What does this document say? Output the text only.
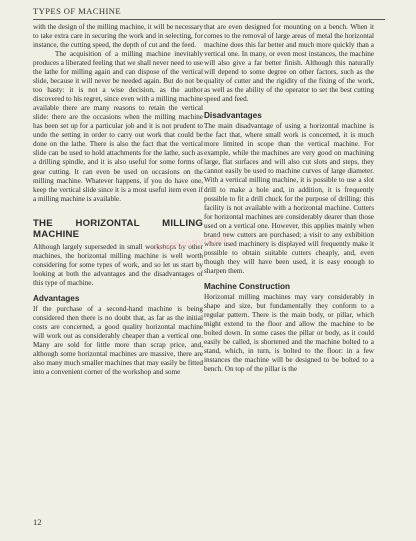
TYPES OF MACHINE

with the design of the milling machine, it will be necessary to take extra care in securing the work and in selecting, for instance, the cutting speed, the depth of cut and the feed.

The acquisition of a milling machine inevitably produces a liberated feeling that we shall never need to use the lathe for milling again and can dispose of the vertical slide, because it will never be needed again. But do not be too hasty: it is not a wise decision, as the author discovered to his regret, since even with a milling machine available there are many reasons to retain the vertical slide: there are the occasions when the milling machine has been set up for a particular job and it is not prudent to undo the setting in order to carry out work that could be done on the lathe. There is also the fact that the vertical slide can be used to hold attachments for the lathe, such as a drilling spindle, and it is also useful for some forms of gear cutting. It can even be used on occasions on the milling machine. Whatever happens, if you do have one, keep the vertical slide since it is a most useful item even if a milling machine is available.

THE HORIZONTAL MILLING MACHINE

Although largely superseded in small workshops by other machines, the horizontal milling machine is well worth considering for some types of work, and so let us start by looking at both the advantages and the disadvantages of this type of machine.

Advantages

If the purchase of a second-hand machine is being considered then there is no doubt that, as far as the initial costs are concerned, a good quality horizontal machine will work out as considerably cheaper than a vertical one. Many are sold for little more than scrap price, and, although some horizontal machines are massive, there are also many much smaller machines that may easily be fitted into a convenient corner of the workshop and some

that are even designed for mounting on a bench. When it comes to the removal of large areas of metal the horizontal machine does this far better and much more quickly than a vertical one. In many, or even most instances, the machine will also give a far better finish. Although this naturally will depend to some degree on other factors, such as the quality of cutter and the rigidity of the fixing of the work, as well as the ability of the operator to set the best cutting speed and feed.

Disadvantages

The main disadvantage of using a horizontal machine is the fact that, where small work is concerned, it is much more limited in scope than the vertical machine. For example, while the machines are very good on machining large, flat surfaces and will also cut slots and steps, they cannot easily be used to machine curves of large diameter. With a vertical milling machine, it is possible to use a slot drill to make a hole and, in addition, it is frequently possible to fit a drill chuck for the purpose of drilling: this facility is not available with a horizontal machine. Cutters for horizontal machines are considerably dearer than those used on a vertical one. However, this applies mainly when brand new cutters are purchased; a visit to any exhibition where used machinery is displayed will frequently make it possible to obtain suitable cutters cheaply, and, even though they will have been used, it is easy enough to sharpen them.

Machine Construction

Horizontal milling machines may vary considerably in shape and size, but fundamentally they conform to a regular pattern. There is the main body, or pillar, which might extend to the floor and allow the machine to be bolted down. In some cases the pillar or body, as it could easily be called, is shortened and the machine bolted to a stand, which, in turn, is bolted to the floor: in a few instances the machine will be designed to be bolted to a bench. On top of the pillar is the

bookcopyright
12
